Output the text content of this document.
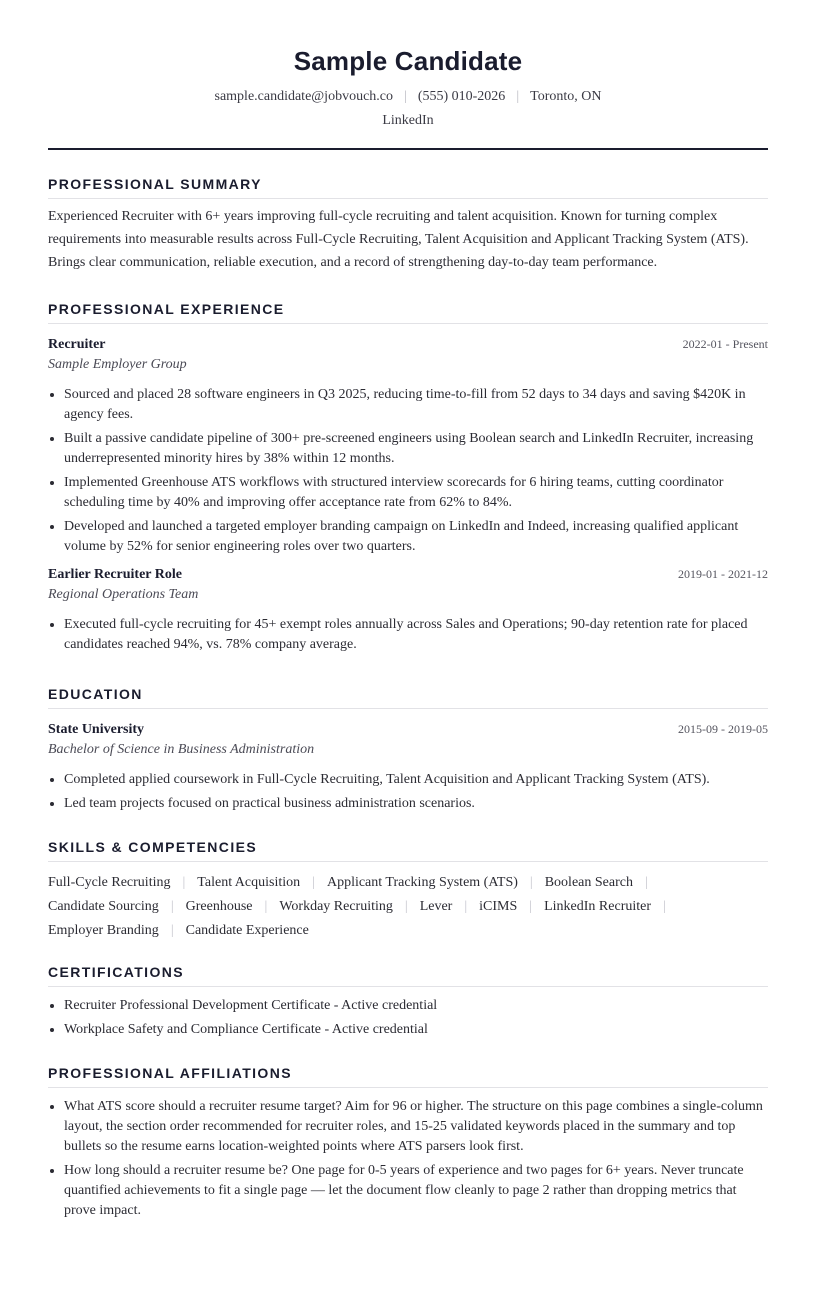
Sample Candidate
sample.candidate@jobvouch.co | (555) 010-2026 | Toronto, ON
LinkedIn
PROFESSIONAL SUMMARY
Experienced Recruiter with 6+ years improving full-cycle recruiting and talent acquisition. Known for turning complex requirements into measurable results across Full-Cycle Recruiting, Talent Acquisition and Applicant Tracking System (ATS). Brings clear communication, reliable execution, and a record of strengthening day-to-day team performance.
PROFESSIONAL EXPERIENCE
Recruiter	2022-01 - Present
Sample Employer Group
• Sourced and placed 28 software engineers in Q3 2025, reducing time-to-fill from 52 days to 34 days and saving $420K in agency fees.
• Built a passive candidate pipeline of 300+ pre-screened engineers using Boolean search and LinkedIn Recruiter, increasing underrepresented minority hires by 38% within 12 months.
• Implemented Greenhouse ATS workflows with structured interview scorecards for 6 hiring teams, cutting coordinator scheduling time by 40% and improving offer acceptance rate from 62% to 84%.
• Developed and launched a targeted employer branding campaign on LinkedIn and Indeed, increasing qualified applicant volume by 52% for senior engineering roles over two quarters.
Earlier Recruiter Role	2019-01 - 2021-12
Regional Operations Team
• Executed full-cycle recruiting for 45+ exempt roles annually across Sales and Operations; 90-day retention rate for placed candidates reached 94%, vs. 78% company average.
EDUCATION
State University	2015-09 - 2019-05
Bachelor of Science in Business Administration
• Completed applied coursework in Full-Cycle Recruiting, Talent Acquisition and Applicant Tracking System (ATS).
• Led team projects focused on practical business administration scenarios.
SKILLS & COMPETENCIES
Full-Cycle Recruiting | Talent Acquisition | Applicant Tracking System (ATS) | Boolean Search |
Candidate Sourcing | Greenhouse | Workday Recruiting | Lever | iCIMS | LinkedIn Recruiter |
Employer Branding | Candidate Experience
CERTIFICATIONS
• Recruiter Professional Development Certificate - Active credential
• Workplace Safety and Compliance Certificate - Active credential
PROFESSIONAL AFFILIATIONS
• What ATS score should a recruiter resume target? Aim for 96 or higher. The structure on this page combines a single-column layout, the section order recommended for recruiter roles, and 15-25 validated keywords placed in the summary and top bullets so the resume earns location-weighted points where ATS parsers look first.
• How long should a recruiter resume be? One page for 0-5 years of experience and two pages for 6+ years. Never truncate quantified achievements to fit a single page — let the document flow cleanly to page 2 rather than dropping metrics that prove impact.
